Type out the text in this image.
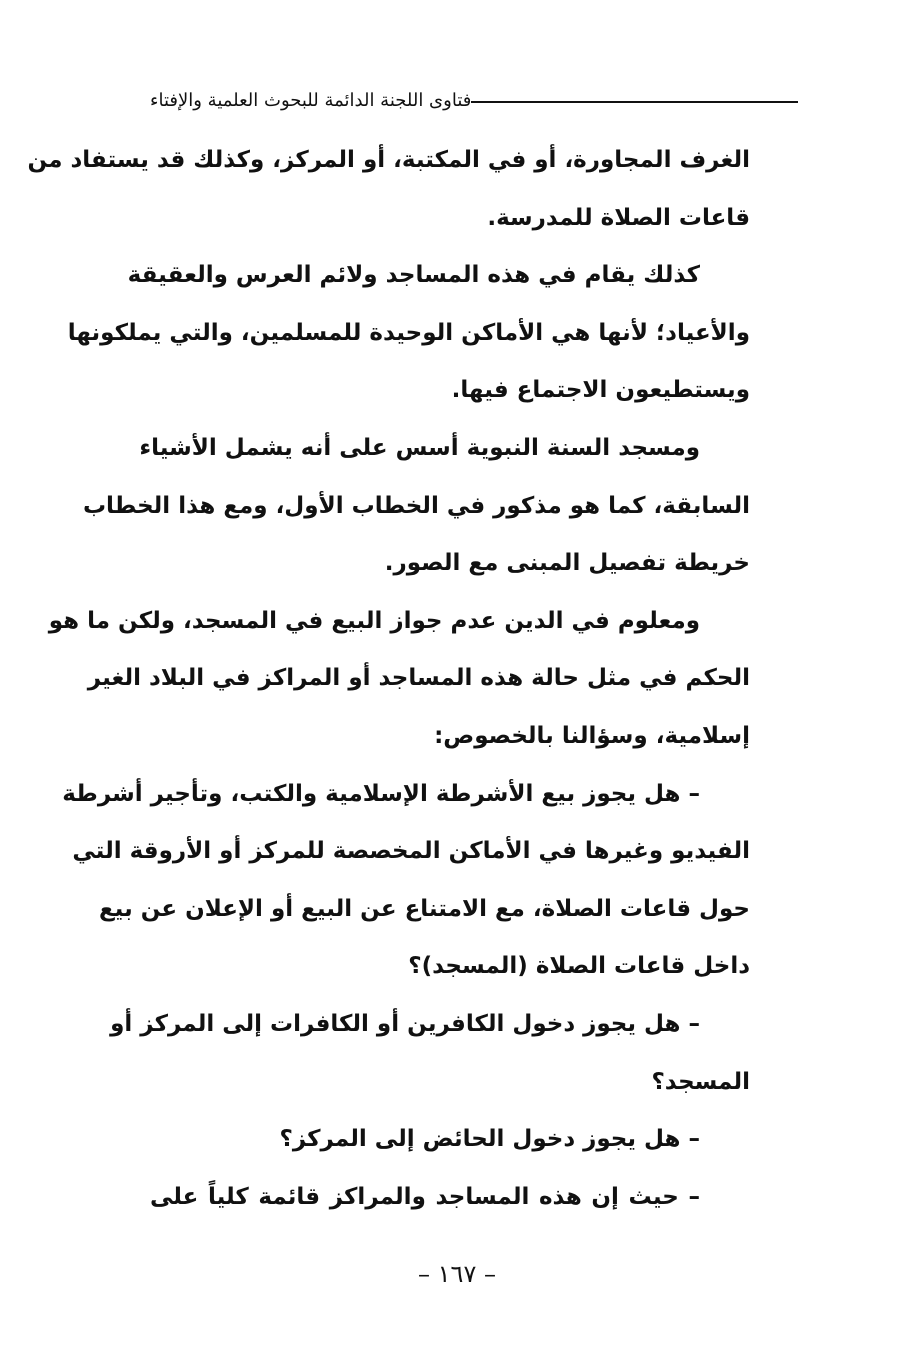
فتاوى اللجنة الدائمة للبحوث العلمية والإفتاء
الغرف المجاورة، أو في المكتبة، أو المركز، وكذلك قد يستفاد من
قاعات الصلاة للمدرسة.
كذلك يقام في هذه المساجد ولائم العرس والعقيقة
والأعياد؛ لأنها هي الأماكن الوحيدة للمسلمين، والتي يملكونها
ويستطيعون الاجتماع فيها.
ومسجد السنة النبوية أسس على أنه يشمل الأشياء
السابقة، كما هو مذكور في الخطاب الأول، ومع هذا الخطاب
خريطة تفصيل المبنى مع الصور.
ومعلوم في الدين عدم جواز البيع في المسجد، ولكن ما هو
الحكم في مثل حالة هذه المساجد أو المراكز في البلاد الغير
إسلامية، وسؤالنا بالخصوص:
– هل يجوز بيع الأشرطة الإسلامية والكتب، وتأجير أشرطة
الفيديو وغيرها في الأماكن المخصصة للمركز أو الأروقة التي
حول قاعات الصلاة، مع الامتناع عن البيع أو الإعلان عن بيع
داخل قاعات الصلاة (المسجد)؟
– هل يجوز دخول الكافرين أو الكافرات إلى المركز أو
المسجد؟
– هل يجوز دخول الحائض إلى المركز؟
– حيث إن هذه المساجد والمراكز قائمة كلياً على
– ١٦٧ –
